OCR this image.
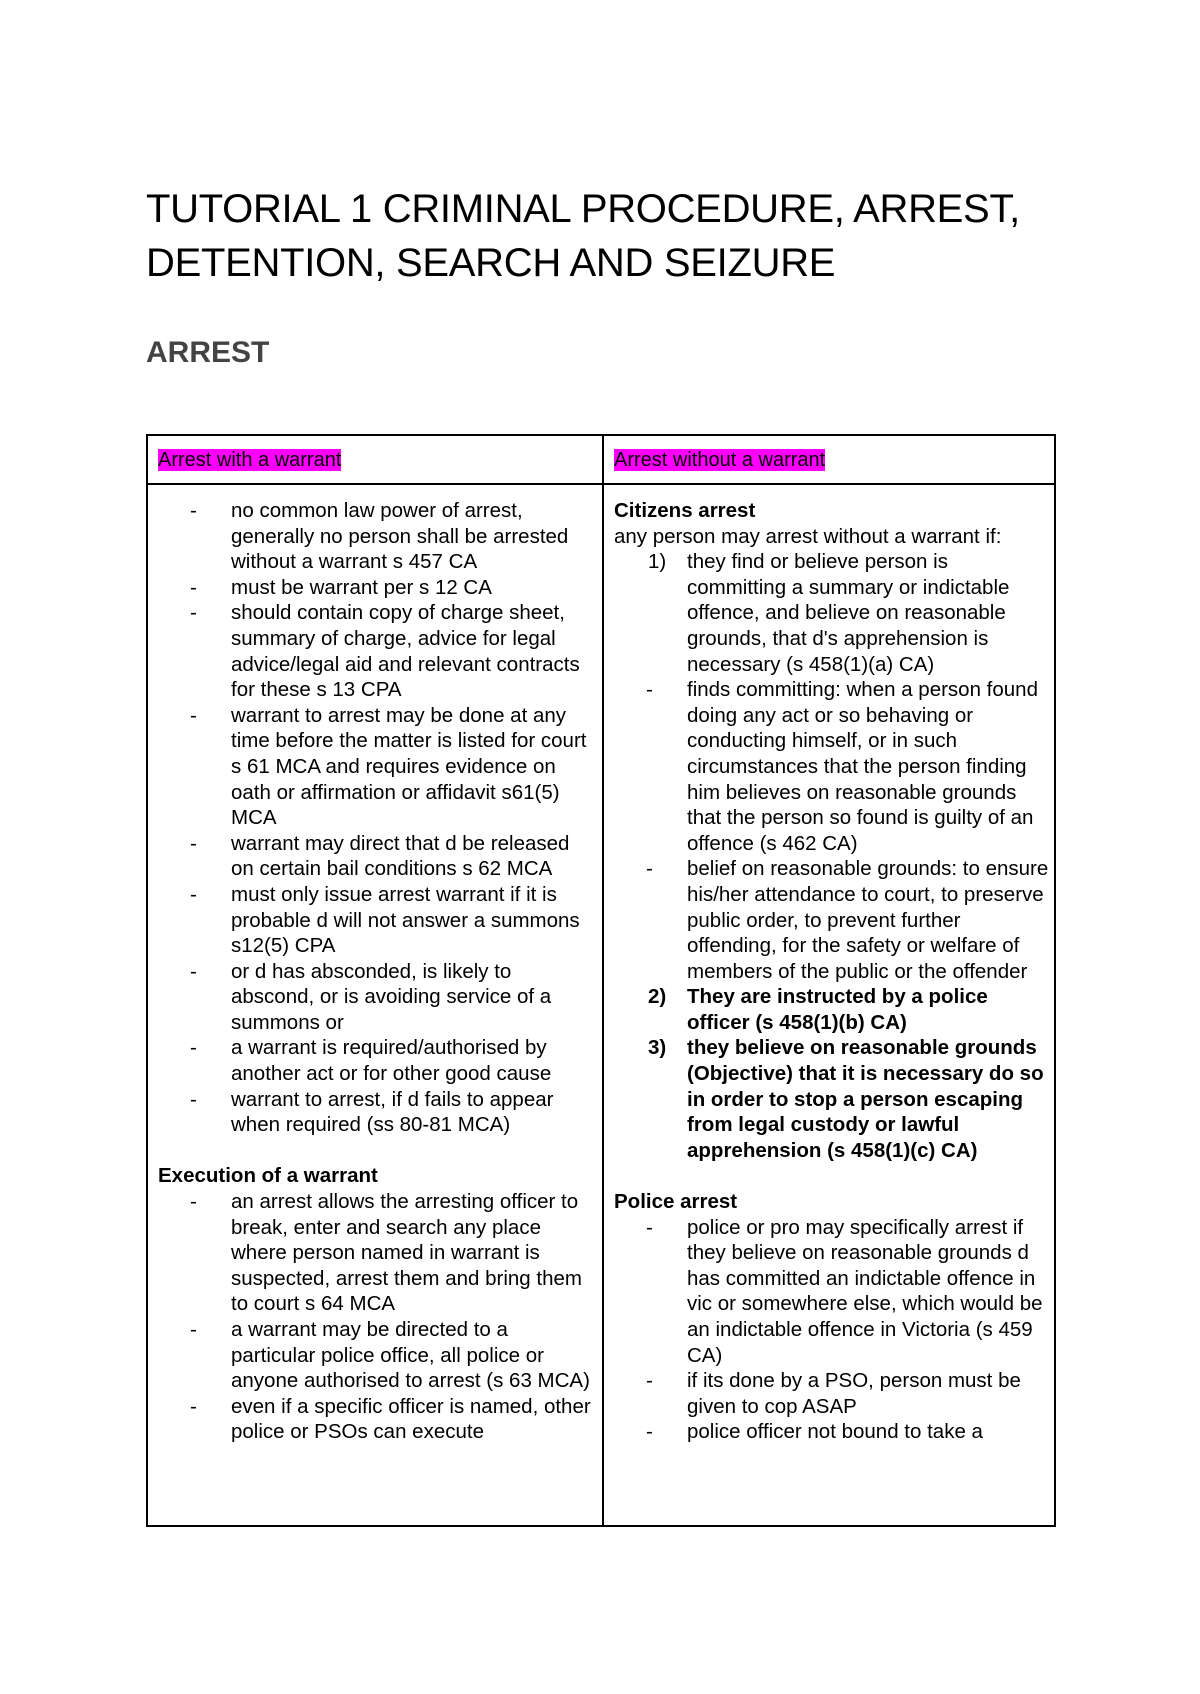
TUTORIAL 1 CRIMINAL PROCEDURE, ARREST, DETENTION, SEARCH AND SEIZURE
ARREST
Arrest with a warrant	Arrest without a warrant
- no common law power of arrest, generally no person shall be arrested without a warrant s 457 CA
- must be warrant per s 12 CA
- should contain copy of charge sheet, summary of charge, advice for legal advice/legal aid and relevant contracts for these s 13 CPA
- warrant to arrest may be done at any time before the matter is listed for court s 61 MCA and requires evidence on oath or affirmation or affidavit s61(5) MCA
- warrant may direct that d be released on certain bail conditions s 62 MCA
- must only issue arrest warrant if it is probable d will not answer a summons s12(5) CPA
- or d has absconded, is likely to abscond, or is avoiding service of a summons or
- a warrant is required/authorised by another act or for other good cause
- warrant to arrest, if d fails to appear when required (ss 80-81 MCA)
Execution of a warrant
- an arrest allows the arresting officer to break, enter and search any place where person named in warrant is suspected, arrest them and bring them to court s 64 MCA
- a warrant may be directed to a particular police office, all police or anyone authorised to arrest (s 63 MCA)
- even if a specific officer is named, other police or PSOs can execute
Citizens arrest
any person may arrest without a warrant if:
1) they find or believe person is committing a summary or indictable offence, and believe on reasonable grounds, that d's apprehension is necessary (s 458(1)(a) CA)
- finds committing: when a person found doing any act or so behaving or conducting himself, or in such circumstances that the person finding him believes on reasonable grounds that the person so found is guilty of an offence (s 462 CA)
- belief on reasonable grounds: to ensure his/her attendance to court, to preserve public order, to prevent further offending, for the safety or welfare of members of the public or the offender
2) They are instructed by a police officer (s 458(1)(b) CA)
3) they believe on reasonable grounds (Objective) that it is necessary do so in order to stop a person escaping from legal custody or lawful apprehension (s 458(1)(c) CA)
Police arrest
- police or pro may specifically arrest if they believe on reasonable grounds d has committed an indictable offence in vic or somewhere else, which would be an indictable offence in Victoria (s 459 CA)
- if its done by a PSO, person must be given to cop ASAP
- police officer not bound to take a
